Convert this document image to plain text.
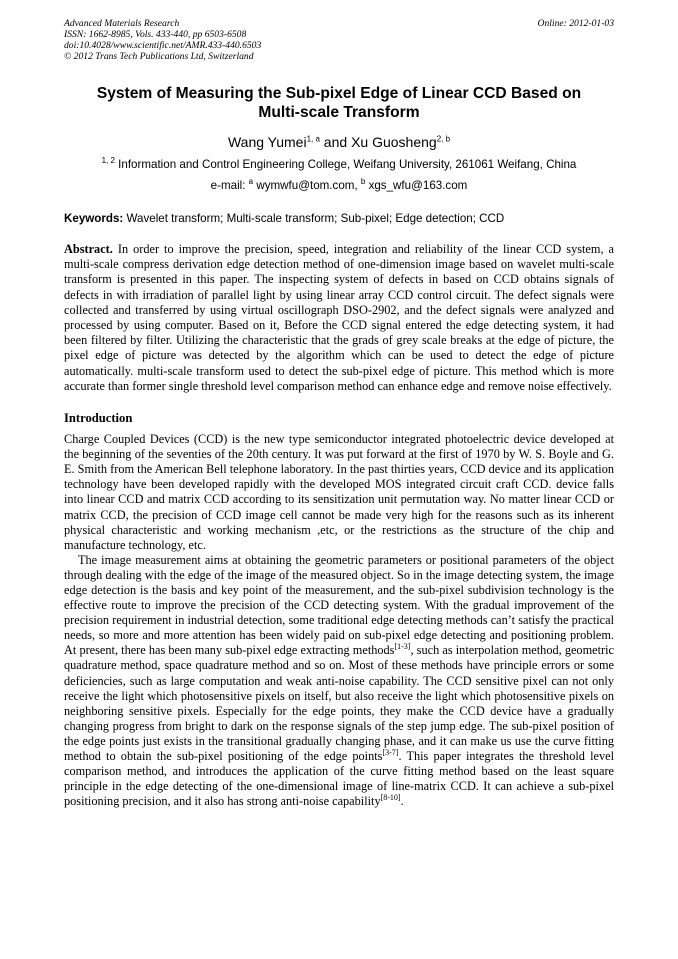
Advanced Materials Research
ISSN: 1662-8985, Vols. 433-440, pp 6503-6508
doi:10.4028/www.scientific.net/AMR.433-440.6503
© 2012 Trans Tech Publications Ltd, Switzerland
Online: 2012-01-03
System of Measuring the Sub-pixel Edge of Linear CCD Based on Multi-scale Transform
Wang Yumei$^{1, a}$ and Xu Guosheng$^{2, b}$
$^{1, 2}$ Information and Control Engineering College, Weifang University, 261061 Weifang, China
e-mail: $^a$ wymwfu@tom.com, $^b$ xgs_wfu@163.com
Keywords: Wavelet transform; Multi-scale transform; Sub-pixel; Edge detection; CCD
Abstract. In order to improve the precision, speed, integration and reliability of the linear CCD system, a multi-scale compress derivation edge detection method of one-dimension image based on wavelet multi-scale transform is presented in this paper. The inspecting system of defects in based on CCD obtains signals of defects in with irradiation of parallel light by using linear array CCD control circuit. The defect signals were collected and transferred by using virtual oscillograph DSO-2902, and the defect signals were analyzed and processed by using computer. Based on it, Before the CCD signal entered the edge detecting system, it had been filtered by filter. Utilizing the characteristic that the grads of grey scale breaks at the edge of picture, the pixel edge of picture was detected by the algorithm which can be used to detect the edge of picture automatically. multi-scale transform used to detect the sub-pixel edge of picture. This method which is more accurate than former single threshold level comparison method can enhance edge and remove noise effectively.
Introduction

Charge Coupled Devices (CCD) is the new type semiconductor integrated photoelectric device developed at the beginning of the seventies of the 20th century. It was put forward at the first of 1970 by W. S. Boyle and G. E. Smith from the American Bell telephone laboratory. In the past thirties years, CCD device and its application technology have been developed rapidly with the developed MOS integrated circuit craft CCD. device falls into linear CCD and matrix CCD according to its sensitization unit permutation way. No matter linear CCD or matrix CCD, the precision of CCD image cell cannot be made very high for the reasons such as its inherent physical characteristic and working mechanism ,etc, or the restrictions as the structure of the chip and manufacture technology, etc.

The image measurement aims at obtaining the geometric parameters or positional parameters of the object through dealing with the edge of the image of the measured object. So in the image detecting system, the image edge detection is the basis and key point of the measurement, and the sub-pixel subdivision technology is the effective route to improve the precision of the CCD detecting system. With the gradual improvement of the precision requirement in industrial detection, some traditional edge detecting methods can’t satisfy the practical needs, so more and more attention has been widely paid on sub-pixel edge detecting and positioning problem. At present, there has been many sub-pixel edge extracting methods[1-3], such as interpolation method, geometric quadrature method, space quadrature method and so on. Most of these methods have principle errors or some deficiencies, such as large computation and weak anti-noise capability. The CCD sensitive pixel can not only receive the light which photosensitive pixels on itself, but also receive the light which photosensitive pixels on neighboring sensitive pixels. Especially for the edge points, they make the CCD device have a gradually changing progress from bright to dark on the response signals of the step jump edge. The sub-pixel position of the edge points just exists in the transitional gradually changing phase, and it can make us use the curve fitting method to obtain the sub-pixel positioning of the edge points[3-7]. This paper integrates the threshold level comparison method, and introduces the application of the curve fitting method based on the least square principle in the edge detecting of the one-dimensional image of line-matrix CCD. It can achieve a sub-pixel positioning precision, and it also has strong anti-noise capability[8-10].
